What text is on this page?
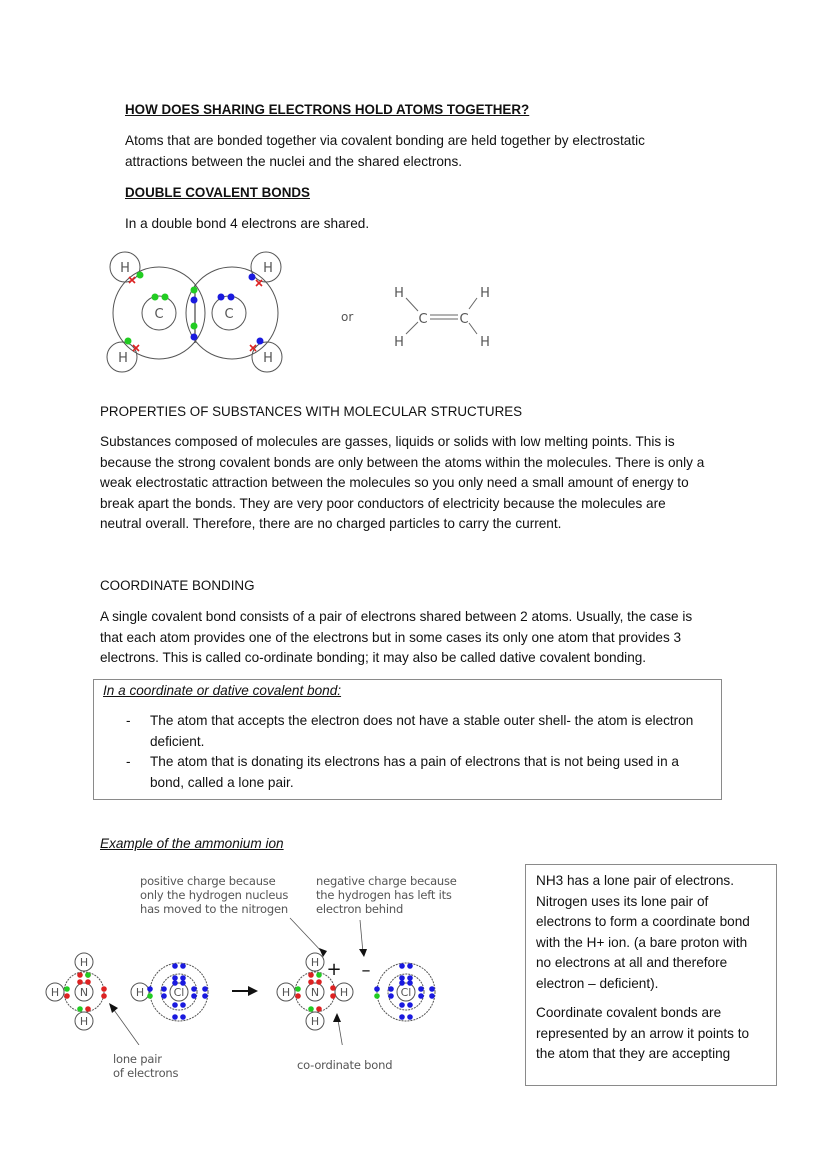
HOW DOES SHARING ELECTRONS HOLD ATOMS TOGETHER?
Atoms that are bonded together via covalent bonding are held together by electrostatic
attractions between the nuclei and the shared electrons.
DOUBLE COVALENT BONDS
In a double bond 4 electrons are shared.
H	H
H	H
C	C	or
H	H
H	H
C C
PROPERTIES OF SUBSTANCES WITH MOLECULAR STRUCTURES
Substances composed of molecules are gasses, liquids or solids with low melting points. This is
because the strong covalent bonds are only between the atoms within the molecules. There is only a
weak electrostatic attraction between the molecules so you only need a small amount of energy to
break apart the bonds. They are very poor conductors of electricity because the molecules are
neutral overall. Therefore, there are no charged particles to carry the current.
COORDINATE BONDING
A single covalent bond consists of a pair of electrons shared between 2 atoms. Usually, the case is
that each atom provides one of the electrons but in some cases its only one atom that provides 3
electrons. This is called co-ordinate bonding; it may also be called dative covalent bonding.
In a coordinate or dative covalent bond:
- The atom that accepts the electron does not have a stable outer shell- the atom is electron
deficient.
- The atom that is donating its electrons has a pain of electrons that is not being used in a
bond, called a lone pair.
Example of the ammonium ion
positive charge because
only the hydrogen nucleus
has moved to the nitrogen
negative charge because
the hydrogen has left its
electron behind
lone pair
of electrons
co-ordinate bond
N
H
H
H
Cl
H	N
H
H
H
H	Cl
+ –
NH3 has a lone pair of electrons.
Nitrogen uses its lone pair of
electrons to form a coordinate bond
with the H+ ion. (a bare proton with
no electrons at all and therefore
electron – deficient).
Coordinate covalent bonds are
represented by an arrow it points to
the atom that they are accepting
